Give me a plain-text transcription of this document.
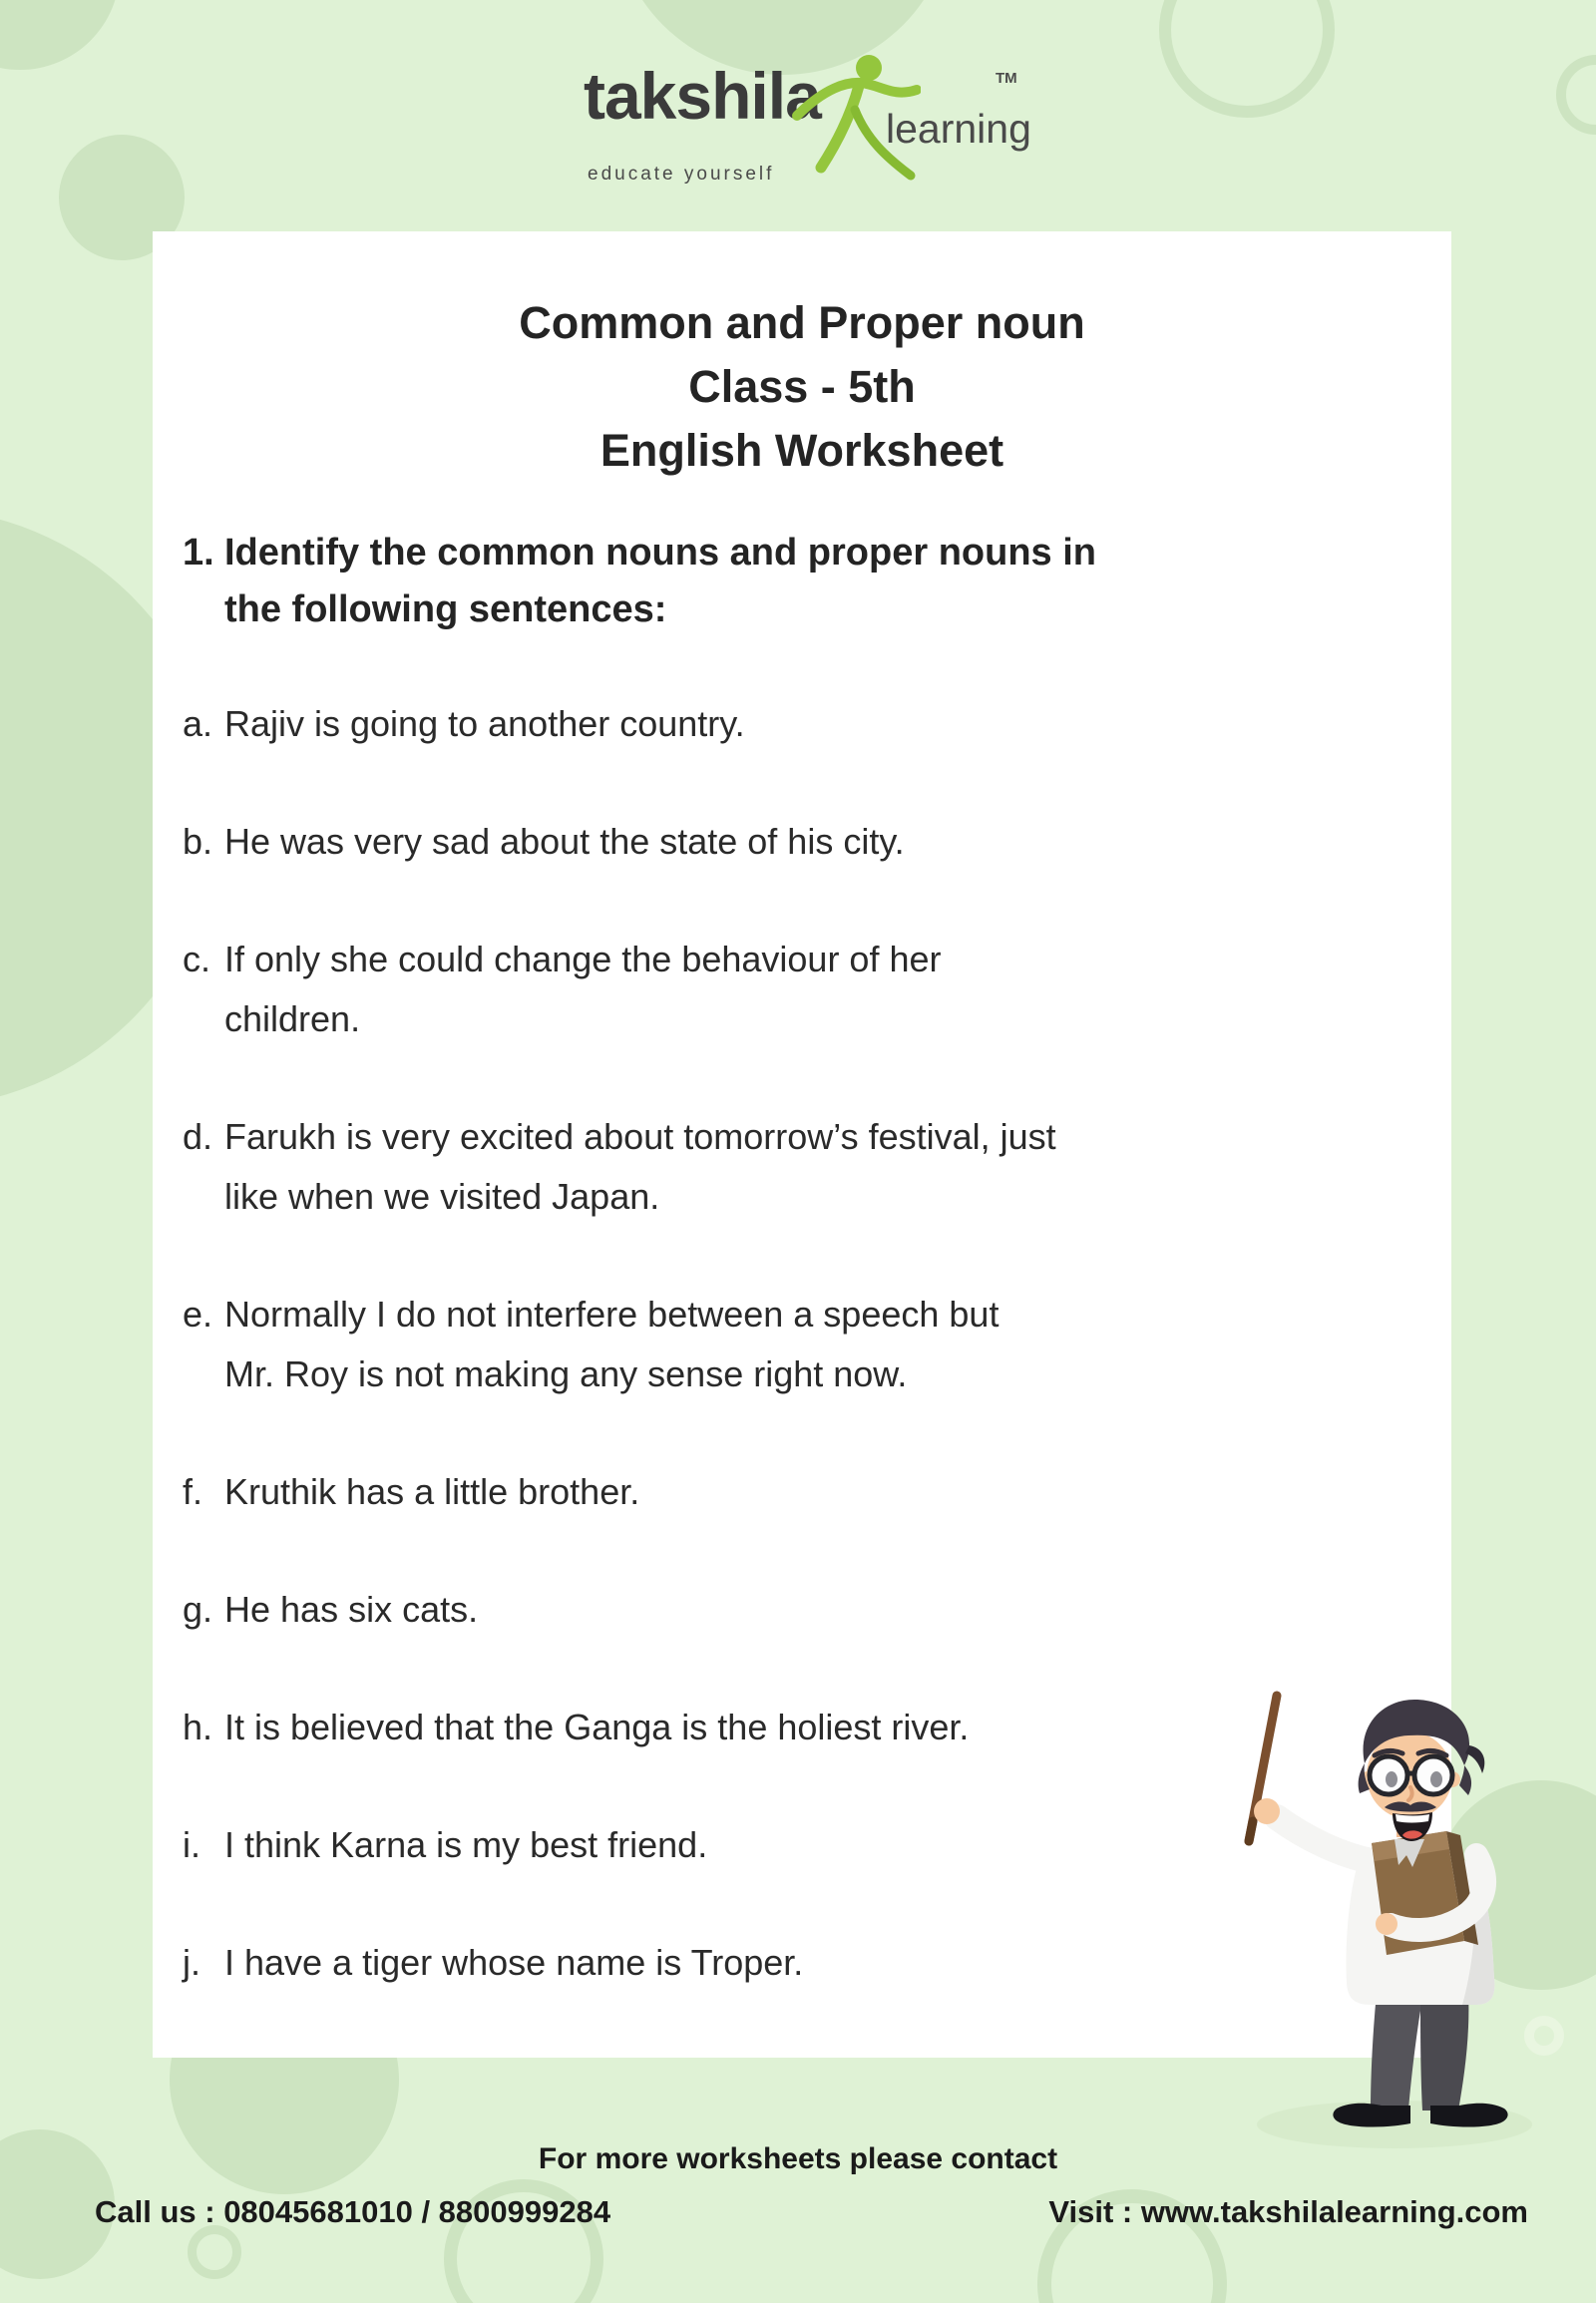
takshila
educate yourself
learning
TM
Common and Proper noun
Class - 5th
English Worksheet
1. Identify the common nouns and proper nouns in
the following sentences:
a. Rajiv is going to another country.
b. He was very sad about the state of his city.
c. If only she could change the behaviour of her
children.
d. Farukh is very excited about tomorrow’s festival, just
like when we visited Japan.
e. Normally I do not interfere between a speech but
Mr. Roy is not making any sense right now.
f. Kruthik has a little brother.
g. He has six cats.
h. It is believed that the Ganga is the holiest river.
i. I think Karna is my best friend.
j. I have a tiger whose name is Troper.
For more worksheets please contact
Call us : 08045681010 / 8800999284	Visit : www.takshilalearning.com
